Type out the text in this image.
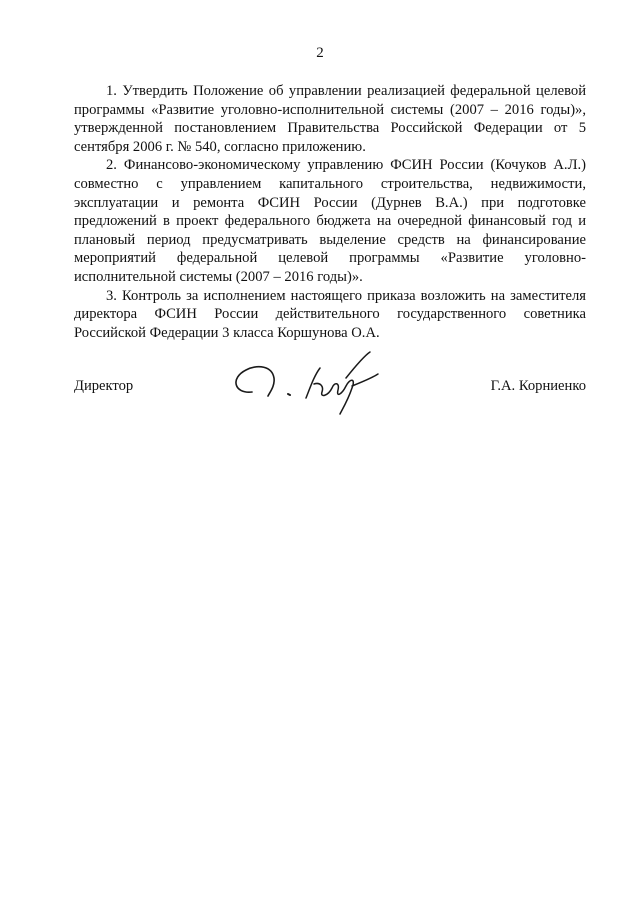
2

1. Утвердить Положение об управлении реализацией федеральной целевой программы «Развитие уголовно-исполнительной системы (2007 – 2016 годы)», утвержденной постановлением Правительства Российской Федерации от 5 сентября 2006 г. № 540, согласно приложению.

2. Финансово-экономическому управлению ФСИН России (Кочуков А.Л.) совместно с управлением капитального строительства, недвижимости, эксплуатации и ремонта ФСИН России (Дурнев В.А.) при подготовке предложений в проект федерального бюджета на очередной финансовый год и плановый период предусматривать выделение средств на финансирование мероприятий федеральной целевой программы «Развитие уголовно-исполнительной системы (2007 – 2016 годы)».

3. Контроль за исполнением настоящего приказа возложить на заместителя директора ФСИН России действительного государственного советника Российской Федерации 3 класса Коршунова О.А.

Директор	Г.А. Корниенко
